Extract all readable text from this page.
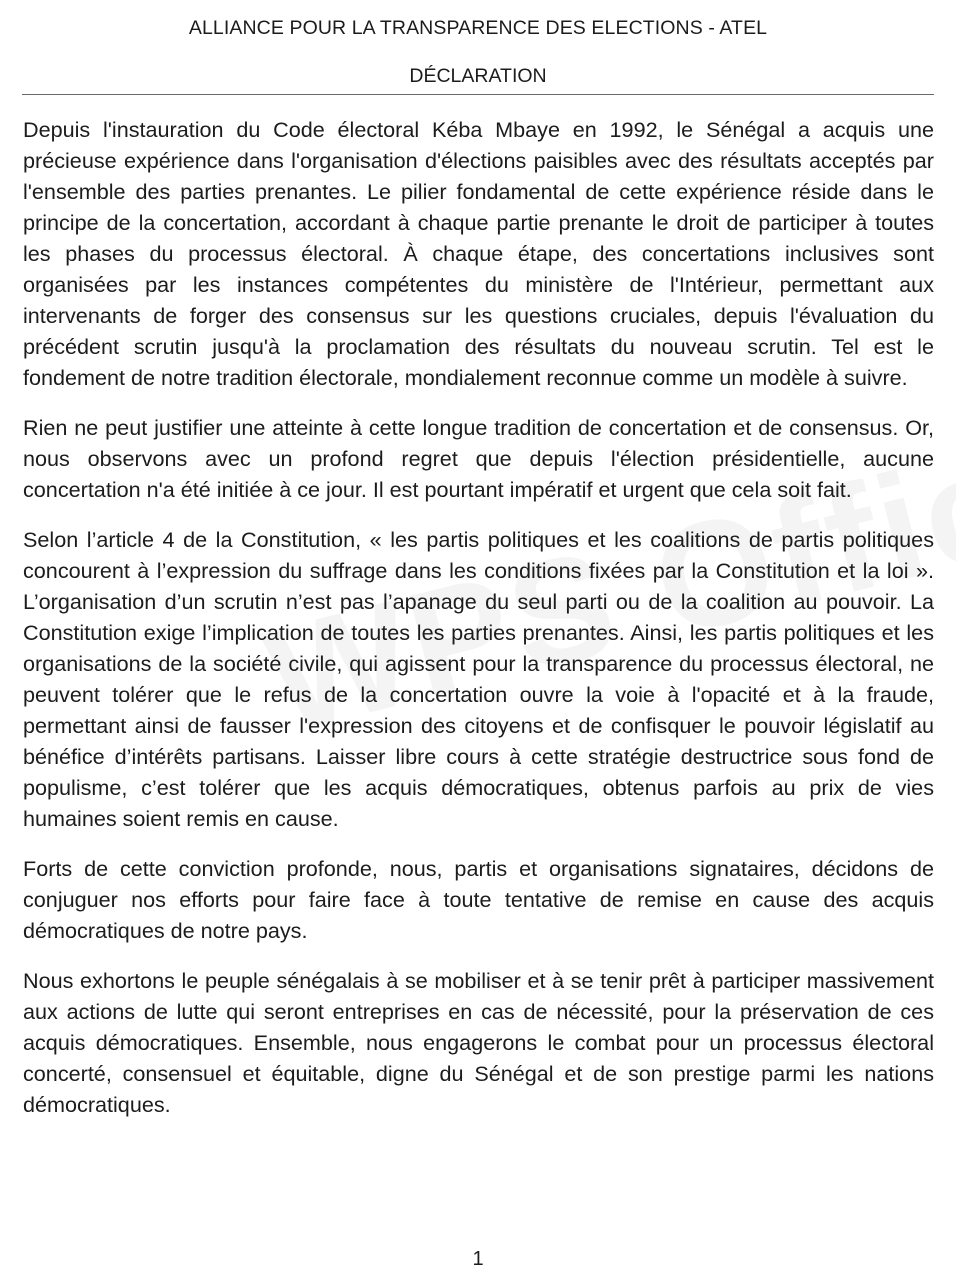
ALLIANCE POUR LA TRANSPARENCE DES ELECTIONS - ATEL
DÉCLARATION

Depuis l'instauration du Code électoral Kéba Mbaye en 1992, le Sénégal a acquis une précieuse expérience dans l'organisation d'élections paisibles avec des résultats acceptés par l'ensemble des parties prenantes. Le pilier fondamental de cette expérience réside dans le principe de la concertation, accordant à chaque partie prenante le droit de participer à toutes les phases du processus électoral. À chaque étape, des concertations inclusives sont organisées par les instances compétentes du ministère de l'Intérieur, permettant aux intervenants de forger des consensus sur les questions cruciales, depuis l'évaluation du précédent scrutin jusqu'à la proclamation des résultats du nouveau scrutin. Tel est le fondement de notre tradition électorale, mondialement reconnue comme un modèle à suivre.

Rien ne peut justifier une atteinte à cette longue tradition de concertation et de consensus. Or, nous observons avec un profond regret que depuis l'élection présidentielle, aucune concertation n'a été initiée à ce jour. Il est pourtant impératif et urgent que cela soit fait.

Selon l’article 4 de la Constitution, « les partis politiques et les coalitions de partis politiques concourent à l’expression du suffrage dans les conditions fixées par la Constitution et la loi ». L’organisation d’un scrutin n’est pas l’apanage du seul parti ou de la coalition au pouvoir. La Constitution exige l’implication de toutes les parties prenantes. Ainsi, les partis politiques et les organisations de la société civile, qui agissent pour la transparence du processus électoral, ne peuvent tolérer que le refus de la concertation ouvre la voie à l'opacité et à la fraude, permettant ainsi de fausser l'expression des citoyens et de confisquer le pouvoir législatif au bénéfice d’intérêts partisans. Laisser libre cours à cette stratégie destructrice sous fond de populisme, c’est tolérer que les acquis démocratiques, obtenus parfois au prix de vies humaines soient remis en cause.

Forts de cette conviction profonde, nous, partis et organisations signataires, décidons de conjuguer nos efforts pour faire face à toute tentative de remise en cause des acquis démocratiques de notre pays.

Nous exhortons le peuple sénégalais à se mobiliser et à se tenir prêt à participer massivement aux actions de lutte qui seront entreprises en cas de nécessité, pour la préservation de ces acquis démocratiques. Ensemble, nous engagerons le combat pour un processus électoral concerté, consensuel et équitable, digne du Sénégal et de son prestige parmi les nations démocratiques.

1
